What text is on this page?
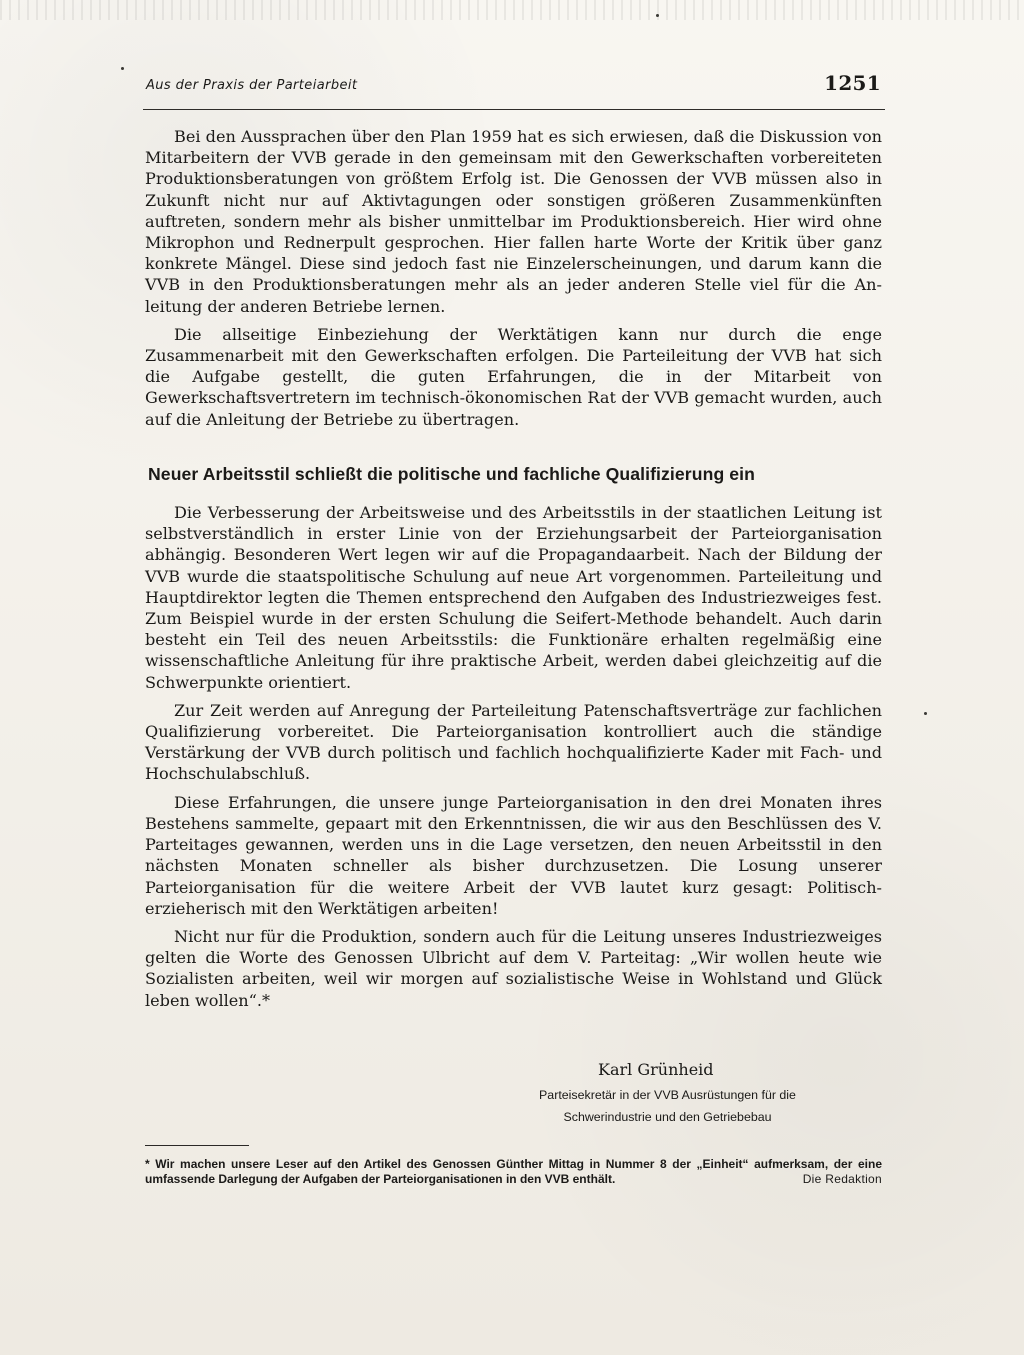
Aus der Praxis der Parteiarbeit	1251

Bei den Aussprachen über den Plan 1959 hat es sich erwiesen, daß die Diskussion von Mitarbeitern der VVB gerade in den gemeinsam mit den Gewerkschaften vorbereiteten Produktionsberatungen von größtem Erfolg ist. Die Genossen der VVB müssen also in Zukunft nicht nur auf Aktivtagungen oder sonstigen größeren Zusammenkünften auftreten, sondern mehr als bisher unmittelbar im Produktionsbereich. Hier wird ohne Mikrophon und Rednerpult gesprochen. Hier fallen harte Worte der Kritik über ganz konkrete Mängel. Diese sind jedoch fast nie Einzelerscheinungen, und darum kann die VVB in den Produktionsberatungen mehr als an jeder anderen Stelle viel für die Anleitung der anderen Betriebe lernen.

Die allseitige Einbeziehung der Werktätigen kann nur durch die enge Zusammenarbeit mit den Gewerkschaften erfolgen. Die Parteileitung der VVB hat sich die Aufgabe gestellt, die guten Erfahrungen, die in der Mitarbeit von Gewerkschaftsvertretern im technisch-ökonomischen Rat der VVB gemacht wurden, auch auf die Anleitung der Betriebe zu übertragen.

Neuer Arbeitsstil schließt die politische und fachliche Qualifizierung ein

Die Verbesserung der Arbeitsweise und des Arbeitsstils in der staatlichen Leitung ist selbstverständlich in erster Linie von der Erziehungsarbeit der Parteiorganisation abhängig. Besonderen Wert legen wir auf die Propagandaarbeit. Nach der Bildung der VVB wurde die staatspolitische Schulung auf neue Art vorgenommen. Parteileitung und Hauptdirektor legten die Themen entsprechend den Aufgaben des Industriezweiges fest. Zum Beispiel wurde in der ersten Schulung die Seifert-Methode behandelt. Auch darin besteht ein Teil des neuen Arbeitsstils: die Funktionäre erhalten regelmäßig eine wissenschaftliche Anleitung für ihre praktische Arbeit, werden dabei gleichzeitig auf die Schwerpunkte orientiert.

Zur Zeit werden auf Anregung der Parteileitung Patenschaftsverträge zur fachlichen Qualifizierung vorbereitet. Die Parteiorganisation kontrolliert auch die ständige Verstärkung der VVB durch politisch und fachlich hochqualifizierte Kader mit Fach- und Hochschulabschluß.

Diese Erfahrungen, die unsere junge Parteiorganisation in den drei Monaten ihres Bestehens sammelte, gepaart mit den Erkenntnissen, die wir aus den Beschlüssen des V. Parteitages gewannen, werden uns in die Lage versetzen, den neuen Arbeitsstil in den nächsten Monaten schneller als bisher durchzusetzen. Die Losung unserer Parteiorganisation für die weitere Arbeit der VVB lautet kurz gesagt: Politisch-erzieherisch mit den Werktätigen arbeiten!

Nicht nur für die Produktion, sondern auch für die Leitung unseres Industriezweiges gelten die Worte des Genossen Ulbricht auf dem V. Parteitag: „Wir wollen heute wie Sozialisten arbeiten, weil wir morgen auf sozialistische Weise in Wohlstand und Glück leben wollen“.*

Karl Grünheid
Parteisekretär in der VVB Ausrüstungen für die
Schwerindustrie und den Getriebebau
* Wir machen unsere Leser auf den Artikel des Genossen Günther Mittag in Nummer 8 der „Einheit“ aufmerksam, der eine umfassende Darlegung der Aufgaben der Parteiorganisationen in den VVB enthält.	Die Redaktion
